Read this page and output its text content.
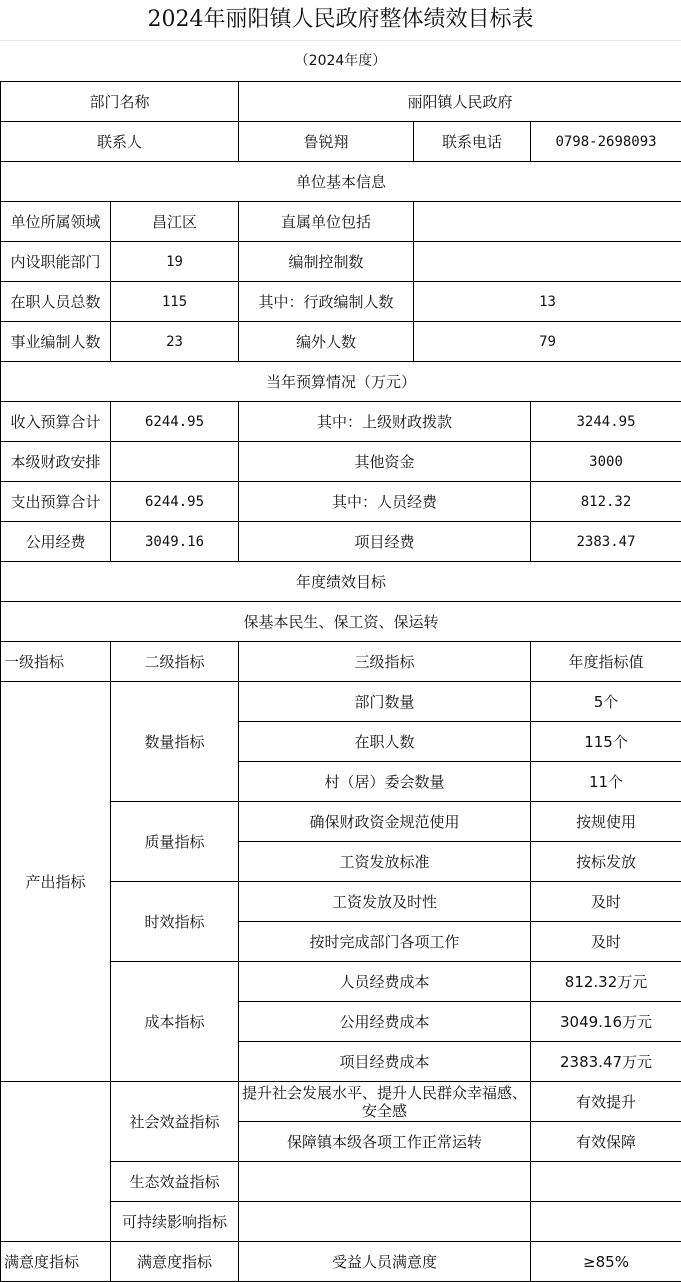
2024年丽阳镇人民政府整体绩效目标表
（2024年度）
部门名称		丽阳镇人民政府		
联系人		鲁锐翔	联系电话	0798-2698093
单位基本信息				
单位所属领域	昌江区	直属单位包括		
内设职能部门	19	编制控制数		
在职人员总数	115	其中：行政编制人数	13	
事业编制人数	23	编外人数	79	
当年预算情况（万元）				
收入预算合计	6244.95	其中：上级财政拨款		3244.95
本级财政安排		其他资金		3000
支出预算合计	6244.95	其中：人员经费		812.32
公用经费	3049.16	项目经费		2383.47
年度绩效目标				
保基本民生、保工资、保运转				
一级指标	二级指标	三级指标		年度指标值
产出指标	数量指标	部门数量		5个
		在职人数		115个
		村（居）委会数量		11个
	质量指标	确保财政资金规范使用		按规使用
		工资发放标准		按标发放
	时效指标	工资发放及时性		及时
		按时完成部门各项工作		及时
	成本指标	人员经费成本		812.32万元
		公用经费成本		3049.16万元
		项目经费成本		2383.47万元
	社会效益指标	提升社会发展水平、提升人民群众幸福感、安全感		有效提升
		保障镇本级各项工作正常运转		有效保障
	生态效益指标			
	可持续影响指标			
满意度指标	满意度指标	受益人员满意度		≥85%
